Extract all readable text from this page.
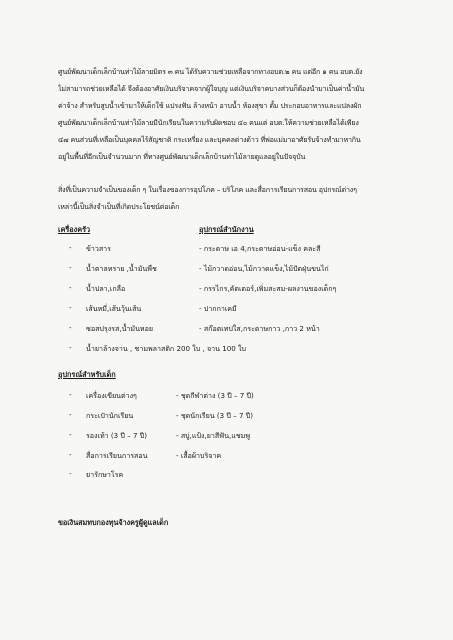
ศูนย์พัฒนาเด็กเล็กบ้านท่าไม้ลายมิตร ๓ คน ได้รับความช่วยเหลือจากทางอบต.๒ คน แต่อีก ๑ คน อบต.ยัง
ไม่สามารถช่วยเหลือได้ จึงต้องอาศัยเงินบริจาคจากผู้ใจบุญ แต่เงินบริจาคบางส่วนก็ต้องนำมาเป็นค่าน้ำมัน
ค่าจ้าง สำหรับสูบน้ำเข้ามาให้เด็กใช้ แปรงฟัน ล้างหน้า อาบน้ำ ห้องสุขา ตั้ม ประกอบอาหารและแปลงผัก
ศูนย์พัฒนาเด็กเล็กบ้านท่าไม้ลายมีนักเรียนในความรับผิดชอบ ๔๐ คนแต่ อบต.ให้ความช่วยเหลือได้เพียง
๔๗ คนส่วนที่เหลือเป็นบุคคลไร้สัญชาติ กระเหรี่ยง และบุคคลต่างด้าว ที่พ่อแม่มาอาศัยรับจ้างทำมาหากิน
อยู่ในพื้นที่อีกเป็นจำนวนมาก ที่ทางศูนย์พัฒนาเด็กเล็กบ้านท่าไม้ลายดูแลอยู่ในปัจจุบัน
สิ่งที่เป็นความจำเป็นของเด็ก ๆ ในเรื่องของการอุปโภค – บริโภค และสื่อการเรียนการสอน อุปกรณ์ต่างๆ
เหล่านี้เป็นสิ่งจำเป็นที่เกิดประโยชน์ต่อเด็ก
เครื่องครัว	อุปกรณ์สำนักงาน
- ข้าวสาร
- น้ำตาลทราย ,น้ำมันพืช
- น้ำปลา,เกลือ
- เส้นหมี่,เส้นวุ้นเส้น
- ซอสปรุงรส,น้ำมันหอย
- น้ำยาล้างจาน , ชามพลาสติก 200 ใบ , จาน 100 ใบ
- กระดาษ เอ 4,กระดาษอ่อน-แข็ง คละสี
- ไม้กวาดอ่อน,ไม้กวาดแข็ง,ไม้ปัดฝุ่นขนไก่
- กรรไกร,คัตเตอร์,เพิ่มสะสม-ผลงานของเด็กๆ
- ปากกาเคมี
- สก๊อตเทปใส,กระดาษกาว ,กาว 2 หน้า
อุปกรณ์สำหรับเด็ก
- เครื่องเขียนต่างๆ
- กระเป๋านักเรียน
- รองเท้า (3 ปี – 7 ปี)
- สื่อการเรียนการสอน
- ยารักษาโรค
- ชุดกีฬาต่าง (3 ปี – 7 ปี)
- ชุดนักเรียน (3 ปี – 7 ปี)
- สบู่,แป้ง,ยาสีฟัน,แชมพู
- เสื้อผ้าบริจาค
ขอเงินสมทบกองทุนจ้างครูผู้ดูแลเด็ก
